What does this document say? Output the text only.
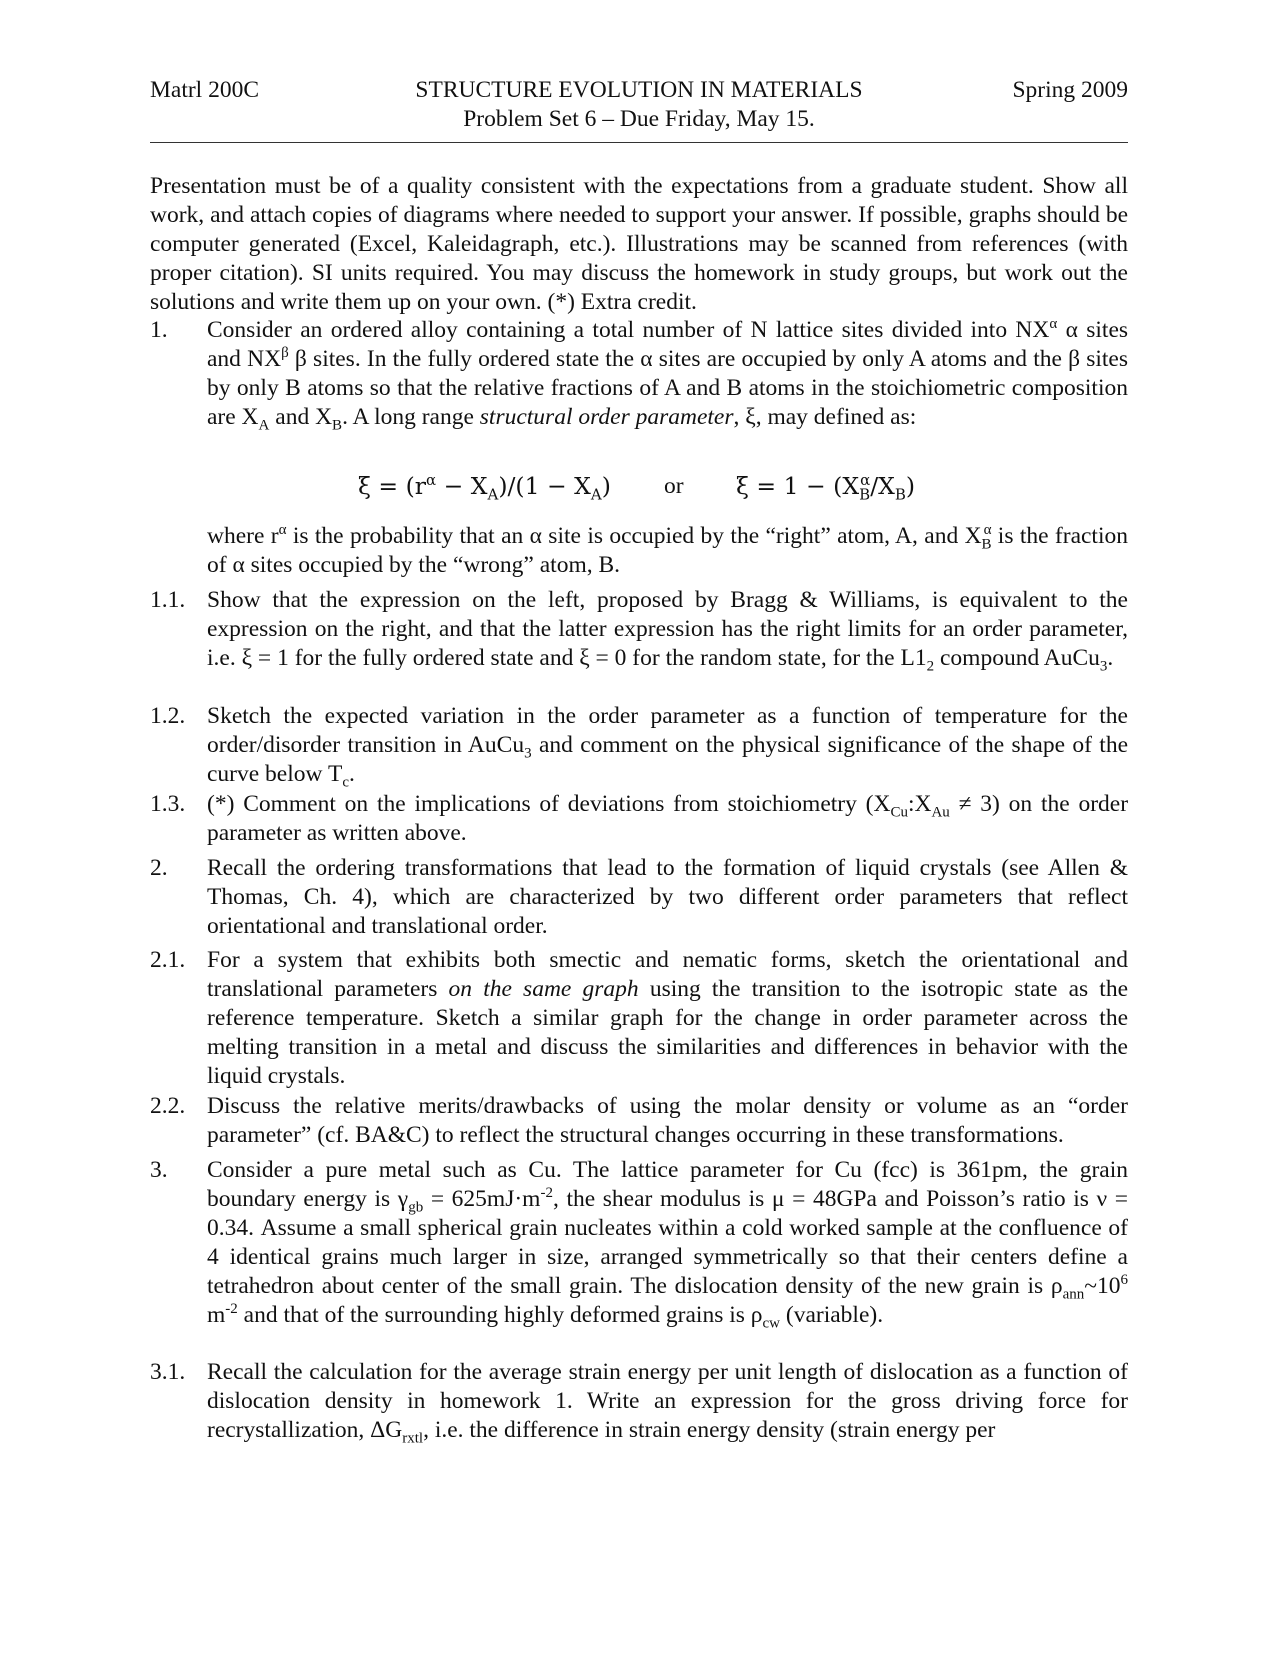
Matrl 200C	STRUCTURE EVOLUTION IN MATERIALS
Problem Set 6 – Due Friday, May 15.
Spring 2009
Presentation must be of a quality consistent with the expectations from a graduate student. Show all work, and attach copies of diagrams where needed to support your answer. If possible, graphs should be computer generated (Excel, Kaleidagraph, etc.). Illustrations may be scanned from references (with proper citation). SI units required. You may discuss the homework in study groups, but work out the solutions and write them up on your own. (*) Extra credit.
1.	Consider an ordered alloy containing a total number of N lattice sites divided into $NX^\alpha$ α sites and $NX^\beta$ β sites. In the fully ordered state the α sites are occupied by only A atoms and the β sites by only B atoms so that the relative fractions of A and B atoms in the stoichiometric composition are $X_A$ and $X_B$. A long range structural order parameter, ξ, may defined as:
$\xi = (r^\alpha - X_A)/(1 - X_A)$ or $\xi = 1 - (X_B^\alpha/X_B)$
where $r^\alpha$ is the probability that an α site is occupied by the “right” atom, A, and $X_B^\alpha$ is the fraction of α sites occupied by the “wrong” atom, B.
1.1. Show that the expression on the left, proposed by Bragg & Williams, is equivalent to the expression on the right, and that the latter expression has the right limits for an order parameter, i.e. ξ = 1 for the fully ordered state and ξ = 0 for the random state, for the $L1_2$ compound AuCu$_3$.
1.2. Sketch the expected variation in the order parameter as a function of temperature for the order/disorder transition in AuCu$_3$ and comment on the physical significance of the shape of the curve below $T_c$.
1.3. (*) Comment on the implications of deviations from stoichiometry $(X_{Cu}:X_{Au} \ne 3)$ on the order parameter as written above.
2.	Recall the ordering transformations that lead to the formation of liquid crystals (see Allen & Thomas, Ch. 4), which are characterized by two different order parameters that reflect orientational and translational order.
2.1. For a system that exhibits both smectic and nematic forms, sketch the orientational and translational parameters on the same graph using the transition to the isotropic state as the reference temperature. Sketch a similar graph for the change in order parameter across the melting transition in a metal and discuss the similarities and differences in behavior with the liquid crystals.
2.2. Discuss the relative merits/drawbacks of using the molar density or volume as an “order parameter” (cf. BA&C) to reflect the structural changes occurring in these transformations.
3.	Consider a pure metal such as Cu. The lattice parameter for Cu (fcc) is 361pm, the grain boundary energy is $\gamma_{gb} = 625mJ\cdot m^{-2}$, the shear modulus is μ = 48GPa and Poisson’s ratio is ν = 0.34. Assume a small spherical grain nucleates within a cold worked sample at the confluence of 4 identical grains much larger in size, arranged symmetrically so that their centers define a tetrahedron about center of the small grain. The dislocation density of the new grain is $\rho_{ann}\sim 10^6$ $m^{-2}$ and that of the surrounding highly deformed grains is $\rho_{cw}$ (variable).
3.1. Recall the calculation for the average strain energy per unit length of dislocation as a function of dislocation density in homework 1. Write an expression for the gross driving force for recrystallization, $\Delta G_{rxtl}$, i.e. the difference in strain energy density (strain energy per
